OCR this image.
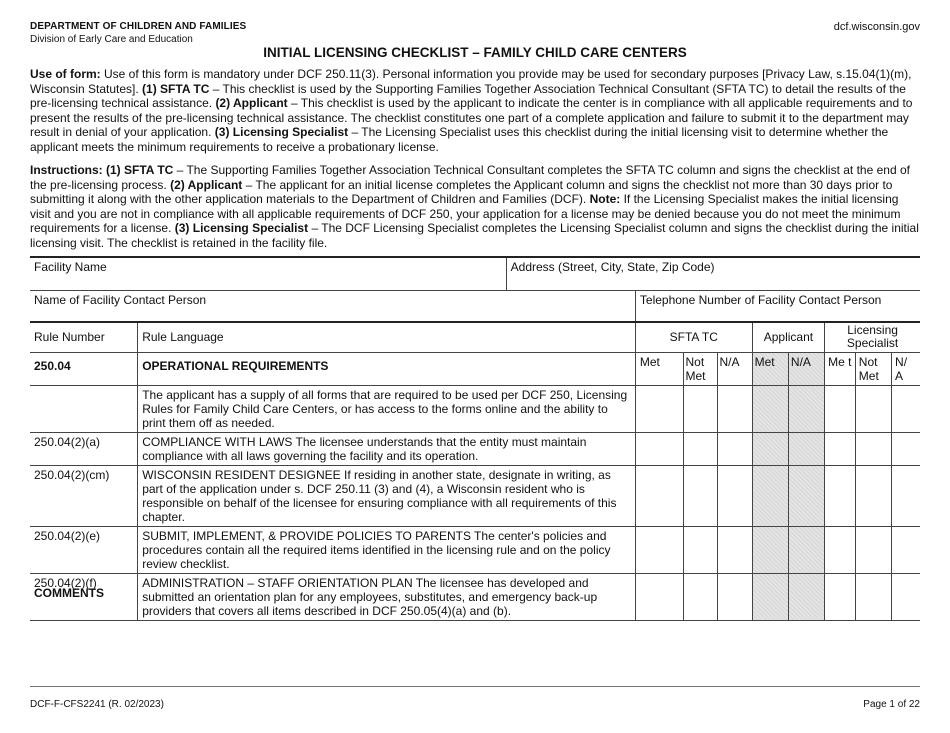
DEPARTMENT OF CHILDREN AND FAMILIES
Division of Early Care and Education
dcf.wisconsin.gov
INITIAL LICENSING CHECKLIST – FAMILY CHILD CARE CENTERS
Use of form: Use of this form is mandatory under DCF 250.11(3). Personal information you provide may be used for secondary purposes [Privacy Law, s.15.04(1)(m), Wisconsin Statutes]. (1) SFTA TC – This checklist is used by the Supporting Families Together Association Technical Consultant (SFTA TC) to detail the results of the pre-licensing technical assistance. (2) Applicant – This checklist is used by the applicant to indicate the center is in compliance with all applicable requirements and to present the results of the pre-licensing technical assistance. The checklist constitutes one part of a complete application and failure to submit it to the department may result in denial of your application. (3) Licensing Specialist – The Licensing Specialist uses this checklist during the initial licensing visit to determine whether the applicant meets the minimum requirements to receive a probationary license.
Instructions: (1) SFTA TC – The Supporting Families Together Association Technical Consultant completes the SFTA TC column and signs the checklist at the end of the pre-licensing process. (2) Applicant – The applicant for an initial license completes the Applicant column and signs the checklist not more than 30 days prior to submitting it along with the other application materials to the Department of Children and Families (DCF). Note: If the Licensing Specialist makes the initial licensing visit and you are not in compliance with all applicable requirements of DCF 250, your application for a license may be denied because you do not meet the minimum requirements for a license. (3) Licensing Specialist – The DCF Licensing Specialist completes the Licensing Specialist column and signs the checklist during the initial licensing visit. The checklist is retained in the facility file.
Facility Name		Address (Street, City, State, Zip Code)								
Name of Facility Contact Person			Telephone Number of Facility Contact Person							
Rule Number	Rule Language		SFTA TC			Applicant		Licensing Specialist		
250.04	OPERATIONAL REQUIREMENTS		Met	Not Met	N/A	Met	N/A	Me t	Not Met	N/ A
	The applicant has a supply of all forms that are required to be used per DCF 250, Licensing Rules for Family Child Care Centers, or has access to the forms online and the ability to print them off as needed.									
250.04(2)(a)	COMPLIANCE WITH LAWS The licensee understands that the entity must maintain compliance with all laws governing the facility and its operation.									
250.04(2)(cm)	WISCONSIN RESIDENT DESIGNEE If residing in another state, designate in writing, as part of the application under s. DCF 250.11 (3) and (4), a Wisconsin resident who is responsible on behalf of the licensee for ensuring compliance with all requirements of this chapter.									
250.04(2)(e)	SUBMIT, IMPLEMENT, & PROVIDE POLICIES TO PARENTS The center's policies and procedures contain all the required items identified in the licensing rule and on the policy review checklist.									
250.04(2)(f)	ADMINISTRATION – STAFF ORIENTATION PLAN The licensee has developed and submitted an orientation plan for any employees, substitutes, and emergency back-up providers that covers all items described in DCF 250.05(4)(a) and (b).									
COMMENTS
DCF-F-CFS2241 (R. 02/2023)	Page 1 of 22
